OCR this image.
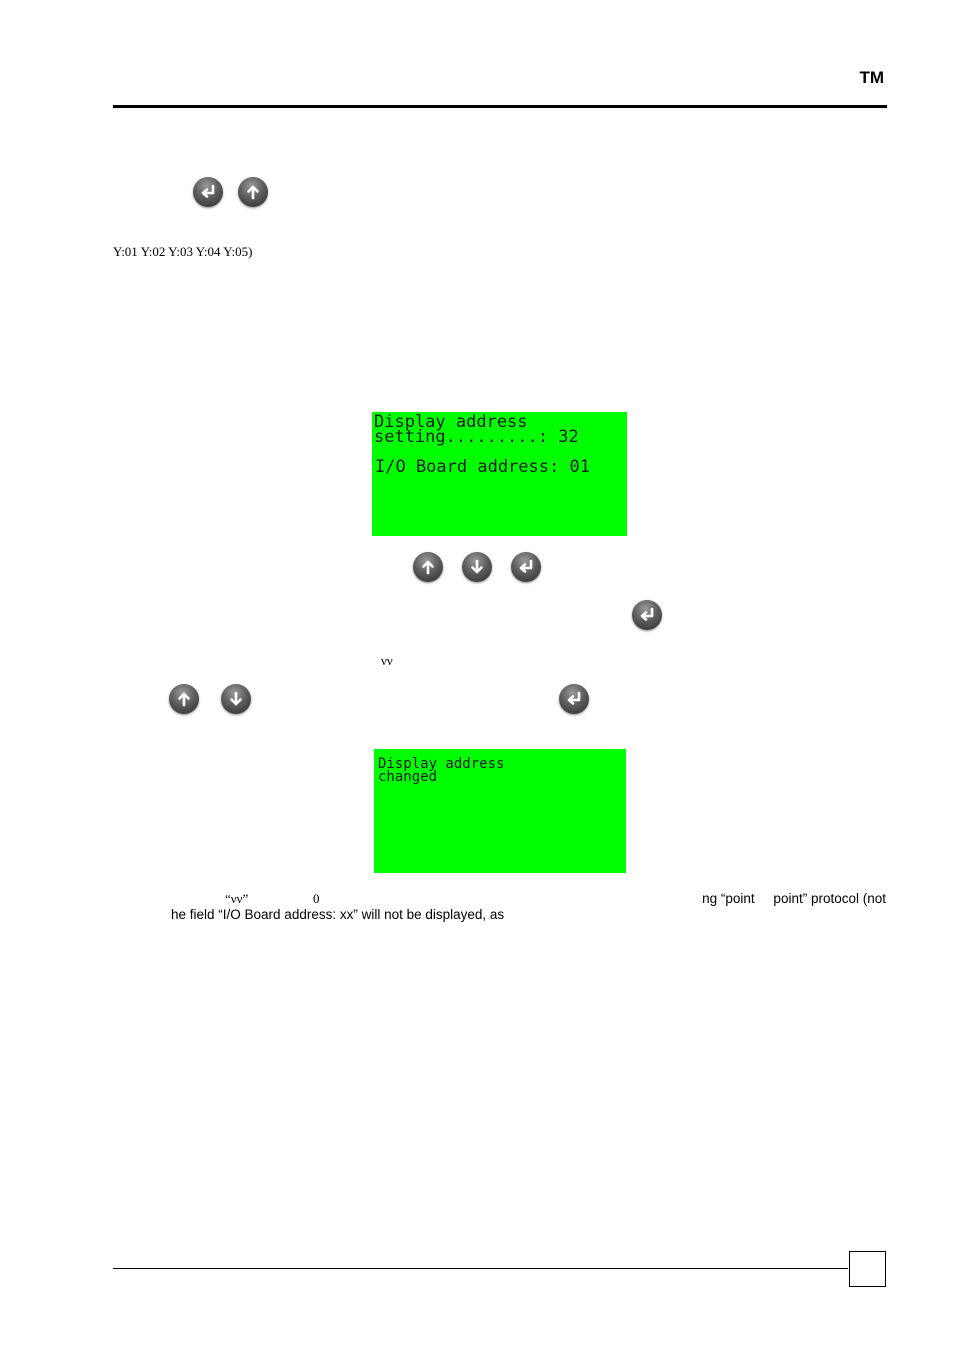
TM
Y:01 Y:02 Y:03 Y:04 Y:05)
Display address
setting.........: 32
I/O Board address: 01
νν
Display address
changed
“νν”	0	ng “point     point” protocol (not
he field “I/O Board address: xx” will not be displayed, as
